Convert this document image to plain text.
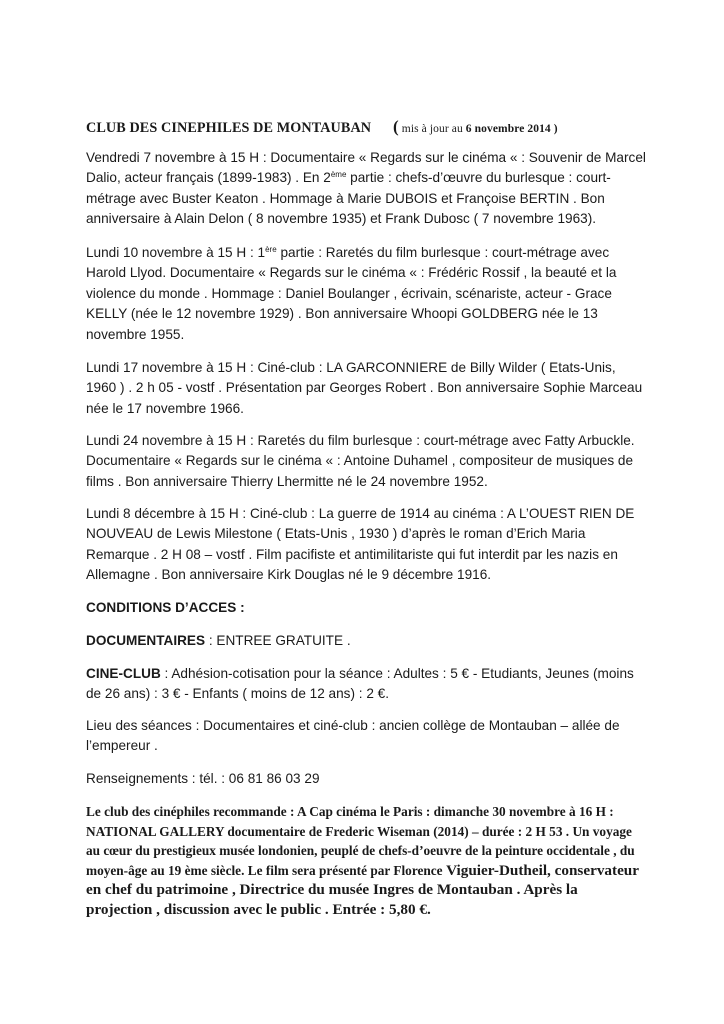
CLUB DES CINEPHILES DE MONTAUBAN ( mis à jour au 6 novembre 2014 )

Vendredi 7 novembre à 15 H : Documentaire « Regards sur le cinéma « : Souvenir de Marcel Dalio, acteur français (1899-1983) . En 2ème partie : chefs-d’œuvre du burlesque : court-métrage avec Buster Keaton . Hommage à Marie DUBOIS et Françoise BERTIN . Bon anniversaire à Alain Delon ( 8 novembre 1935) et Frank Dubosc ( 7 novembre 1963).

Lundi 10 novembre à 15 H : 1ère partie : Raretés du film burlesque : court-métrage avec Harold Llyod. Documentaire « Regards sur le cinéma « : Frédéric Rossif , la beauté et la violence du monde . Hommage : Daniel Boulanger , écrivain, scénariste, acteur - Grace KELLY (née le 12 novembre 1929) . Bon anniversaire Whoopi GOLDBERG née le 13 novembre 1955.

Lundi 17 novembre à 15 H : Ciné-club : LA GARCONNIERE de Billy Wilder ( Etats-Unis, 1960 ) . 2 h 05 - vostf . Présentation par Georges Robert . Bon anniversaire Sophie Marceau née le 17 novembre 1966.

Lundi 24 novembre à 15 H : Raretés du film burlesque : court-métrage avec Fatty Arbuckle. Documentaire « Regards sur le cinéma « : Antoine Duhamel , compositeur de musiques de films . Bon anniversaire Thierry Lhermitte né le 24 novembre 1952.

Lundi 8 décembre à 15 H : Ciné-club : La guerre de 1914 au cinéma : A L’OUEST RIEN DE NOUVEAU de Lewis Milestone ( Etats-Unis , 1930 ) d’après le roman d’Erich Maria Remarque . 2 H 08 – vostf . Film pacifiste et antimilitariste qui fut interdit par les nazis en Allemagne . Bon anniversaire Kirk Douglas né le 9 décembre 1916.

CONDITIONS D’ACCES :

DOCUMENTAIRES : ENTREE GRATUITE .

CINE-CLUB : Adhésion-cotisation pour la séance : Adultes : 5 € - Etudiants, Jeunes (moins de 26 ans) : 3 € - Enfants ( moins de 12 ans) : 2 €.

Lieu des séances : Documentaires et ciné-club : ancien collège de Montauban – allée de l’empereur .

Renseignements : tél. : 06 81 86 03 29

Le club des cinéphiles recommande : A Cap cinéma le Paris : dimanche 30 novembre à 16 H : NATIONAL GALLERY documentaire de Frederic Wiseman (2014) – durée : 2 H 53 . Un voyage au cœur du prestigieux musée londonien, peuplé de chefs-d’oeuvre de la peinture occidentale , du moyen-âge au 19 ème siècle. Le film sera présenté par Florence Viguier-Dutheil, conservateur en chef du patrimoine , Directrice du musée Ingres de Montauban . Après la projection , discussion avec le public . Entrée : 5,80 €.
